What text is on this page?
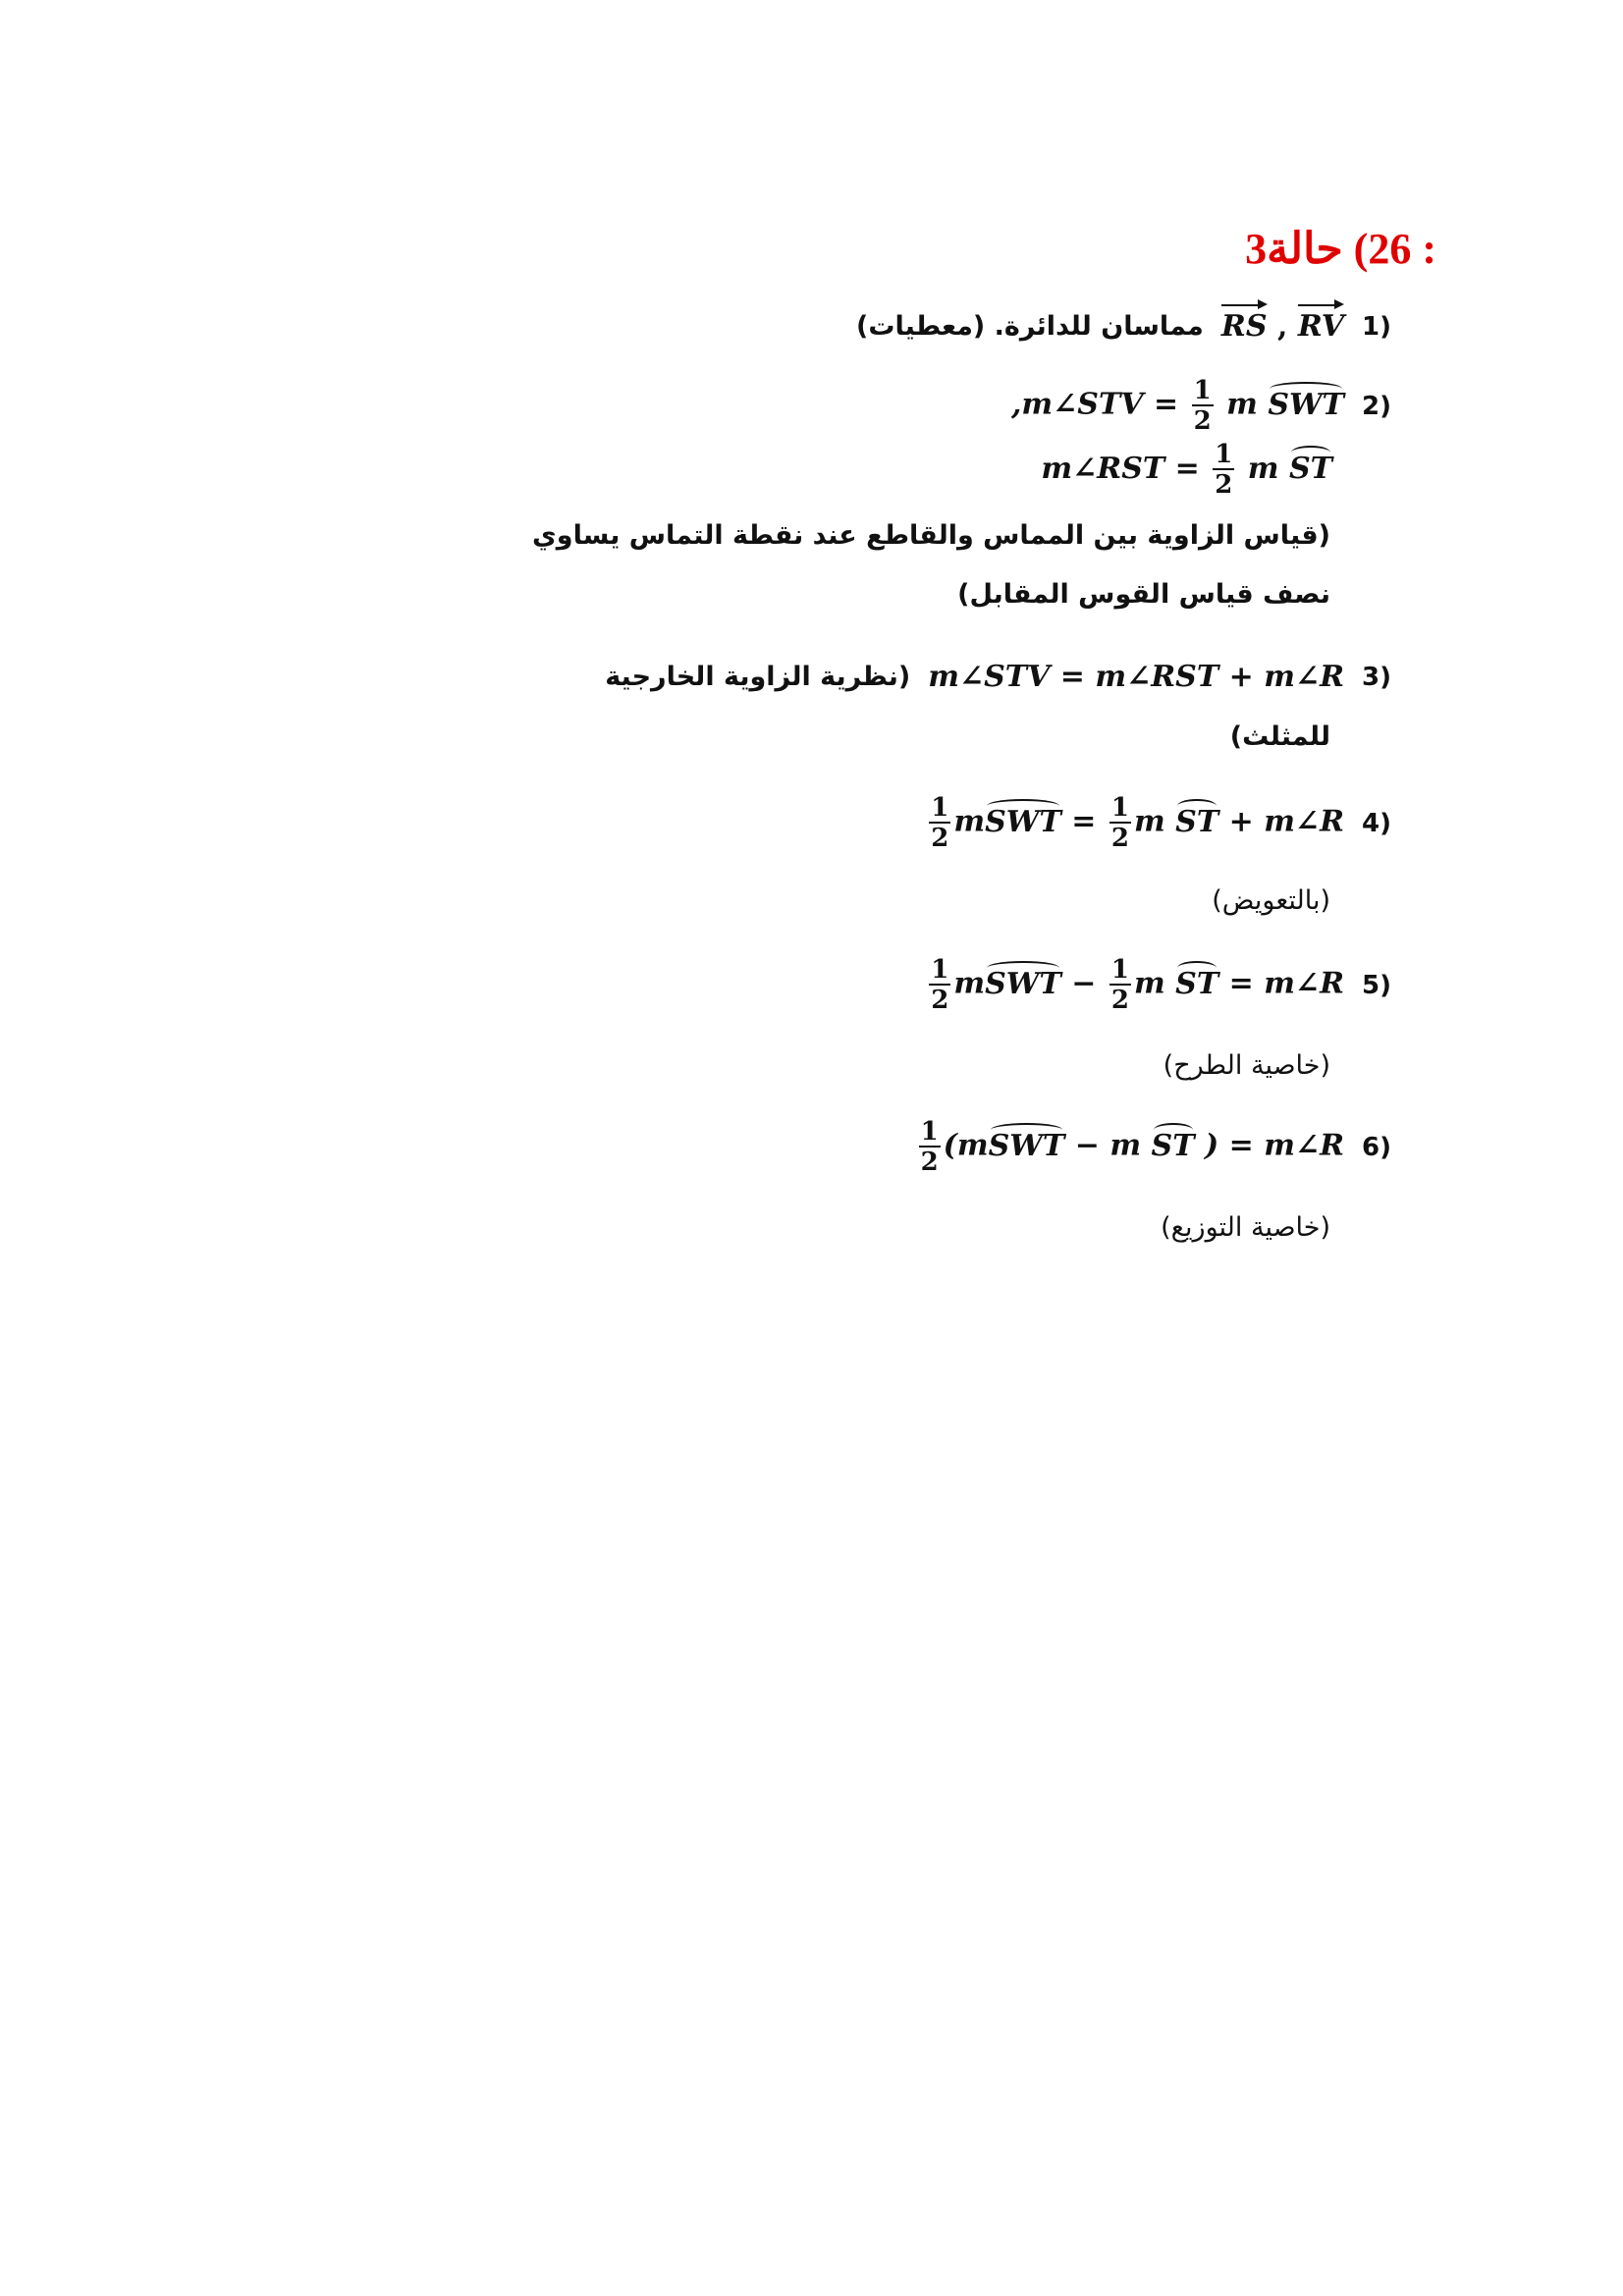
: 26) حالة3
(1
RS , RV
مماسان للدائرة. (معطيات)
(2
,m∠STV = $\frac{1}{2}$ m SWT
m∠RST = $\frac{1}{2}$ m ST
(قياس الزاوية بين المماس والقاطع عند نقطة التماس يساوي
نصف قياس القوس المقابل)
(3
m∠STV = m∠RST + m∠R
(نظرية الزاوية الخارجية
للمثلث)
(4
$\frac{1}{2}$ mSWT = $\frac{1}{2}$ m ST + m∠R
(بالتعويض)
(5
$\frac{1}{2}$ mSWT − $\frac{1}{2}$ m ST = m∠R
(خاصية الطرح)
(6
$\frac{1}{2}$ (mSWT − m ST ) = m∠R
(خاصية التوزيع)
